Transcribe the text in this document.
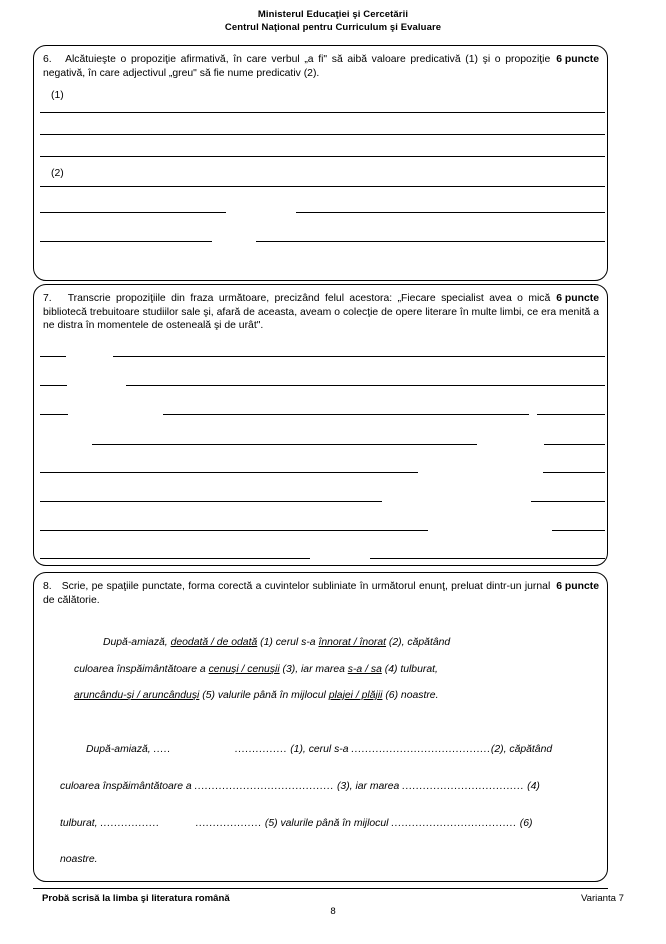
Ministerul Educaţiei şi Cercetării
Centrul Naţional pentru Curriculum şi Evaluare
6 puncte
6. Alcătuieşte o propoziţie afirmativă, în care verbul „a fi" să aibă valoare predicativă (1) şi o propoziţie negativă, în care adjectivul „greu" să fie nume predicativ (2).
(1)
(2)
6 puncte
7. Transcrie propoziţiile din fraza următoare, precizând felul acestora: „Fiecare specialist avea o mică bibliotecă trebuitoare studiilor sale şi, afară de aceasta, aveam o colecţie de opere literare în multe limbi, ce era menită a ne distra în momentele de osteneală şi de urât".
6 puncte
8. Scrie, pe spaţiile punctate, forma corectă a cuvintelor subliniate în următorul enunţ, preluat dintr-un jurnal de călătorie.
După-amiază, deodată / de odată (1) cerul s-a înnorat / înorat (2), căpătând
culoarea înspăimântătoare a cenuşi / cenuşii (3), iar marea s-a / sa (4) tulburat,
aruncându-şi / aruncânduşi (5) valurile până în mijlocul plajei / plăjii (6) noastre.
După-amiază, .....	............... (1), cerul s-a ........................................(2), căpătând
culoarea înspăimântătoare a ........................................ (3), iar marea ................................... (4)
tulburat, .................	................... (5) valurile până în mijlocul .................................... (6)
noastre.
Probă scrisă la limba şi literatura română	Varianta 7
8
